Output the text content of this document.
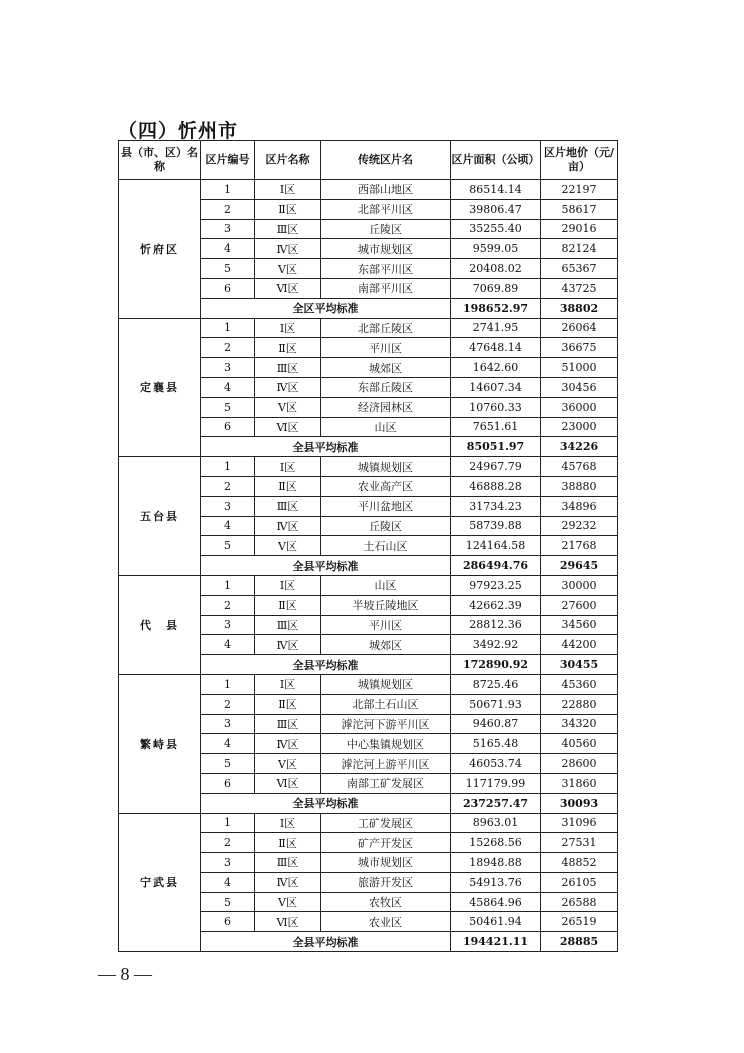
（四）忻州市
县（市、区）名称	区片编号	区片名称	传统区片名	区片面积（公顷）	区片地价（元/亩）
忻府区	1	Ⅰ区	西部山地区	86514.14	22197
	2	Ⅱ区	北部平川区	39806.47	58617
	3	Ⅲ区	丘陵区	35255.40	29016
	4	Ⅳ区	城市规划区	9599.05	82124
	5	Ⅴ区	东部平川区	20408.02	65367
	6	Ⅵ区	南部平川区	7069.89	43725
	全区平均标准			198652.97	38802
定襄县	1	Ⅰ区	北部丘陵区	2741.95	26064
	2	Ⅱ区	平川区	47648.14	36675
	3	Ⅲ区	城郊区	1642.60	51000
	4	Ⅳ区	东部丘陵区	14607.34	30456
	5	Ⅴ区	经济园林区	10760.33	36000
	6	Ⅵ区	山区	7651.61	23000
	全县平均标准			85051.97	34226
五台县	1	Ⅰ区	城镇规划区	24967.79	45768
	2	Ⅱ区	农业高产区	46888.28	38880
	3	Ⅲ区	平川盆地区	31734.23	34896
	4	Ⅳ区	丘陵区	58739.88	29232
	5	Ⅴ区	土石山区	124164.58	21768
	全县平均标准			286494.76	29645
代　县	1	Ⅰ区	山区	97923.25	30000
	2	Ⅱ区	半坡丘陵地区	42662.39	27600
	3	Ⅲ区	平川区	28812.36	34560
	4	Ⅳ区	城郊区	3492.92	44200
	全县平均标准			172890.92	30455
繁峙县	1	Ⅰ区	城镇规划区	8725.46	45360
	2	Ⅱ区	北部土石山区	50671.93	22880
	3	Ⅲ区	滹沱河下游平川区	9460.87	34320
	4	Ⅳ区	中心集镇规划区	5165.48	40560
	5	Ⅴ区	滹沱河上游平川区	46053.74	28600
	6	Ⅵ区	南部工矿发展区	117179.99	31860
	全县平均标准			237257.47	30093
宁武县	1	Ⅰ区	工矿发展区	8963.01	31096
	2	Ⅱ区	矿产开发区	15268.56	27531
	3	Ⅲ区	城市规划区	18948.88	48852
	4	Ⅳ区	旅游开发区	54913.76	26105
	5	Ⅴ区	农牧区	45864.96	26588
	6	Ⅵ区	农业区	50461.94	26519
	全县平均标准			194421.11	28885
— 8 —
